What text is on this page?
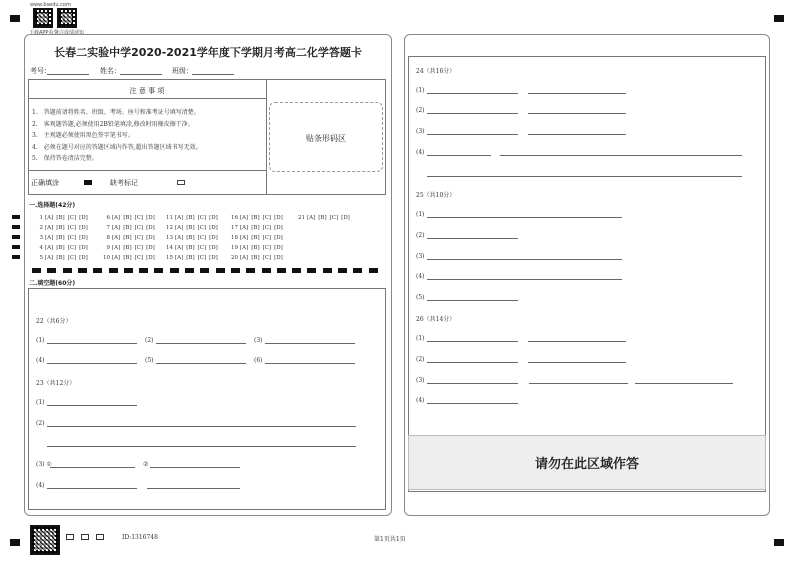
www.bsedu.com
下载APP看分
关注成绩通知
长春二实验中学2020-2021学年度下学期月考高二化学答题卡
考号：	姓名：	班级：
注 意 事 项
1.　答题前请将姓名、班级、考场、座号和准考证号填写清楚。
2.　客观题答题,必须使用2B铅笔填涂,修改时用橡皮擦干净。
3.　主观题必须使用黑色签字笔书写。
4.　必须在题号对应的答题区域内作答,超出答题区域书写无效。
5.　保持答卷清洁完整。
正确填涂	缺考标记
贴条形码区
一.选择题(42分)
1 [A] [B] [C] [D]
2 [A] [B] [C] [D]
3 [A] [B] [C] [D]
4 [A] [B] [C] [D]
5 [A] [B] [C] [D]
6 [A] [B] [C] [D]
7 [A] [B] [C] [D]
8 [A] [B] [C] [D]
9 [A] [B] [C] [D]
10 [A] [B] [C] [D]
11 [A] [B] [C] [D]
12 [A] [B] [C] [D]
13 [A] [B] [C] [D]
14 [A] [B] [C] [D]
15 [A] [B] [C] [D]
16 [A] [B] [C] [D]
17 [A] [B] [C] [D]
18 [A] [B] [C] [D]
19 [A] [B] [C] [D]
20 [A] [B] [C] [D]
21 [A] [B] [C] [D]
二.填空题(60分)
22（共6分）
(1)	(2)	(3)
(4)	(5)	(6)
23（共12分）
(1)
(2)
(3) ①	②
(4)
24（共16分）
(1)
(2)
(3)
(4)
25（共10分）
(1)
(2)
(3)
(4)
(5)
26（共14分）
(1)
(2)
(3)
(4)
请勿在此区域作答
ID:1316748	第1页共1页
